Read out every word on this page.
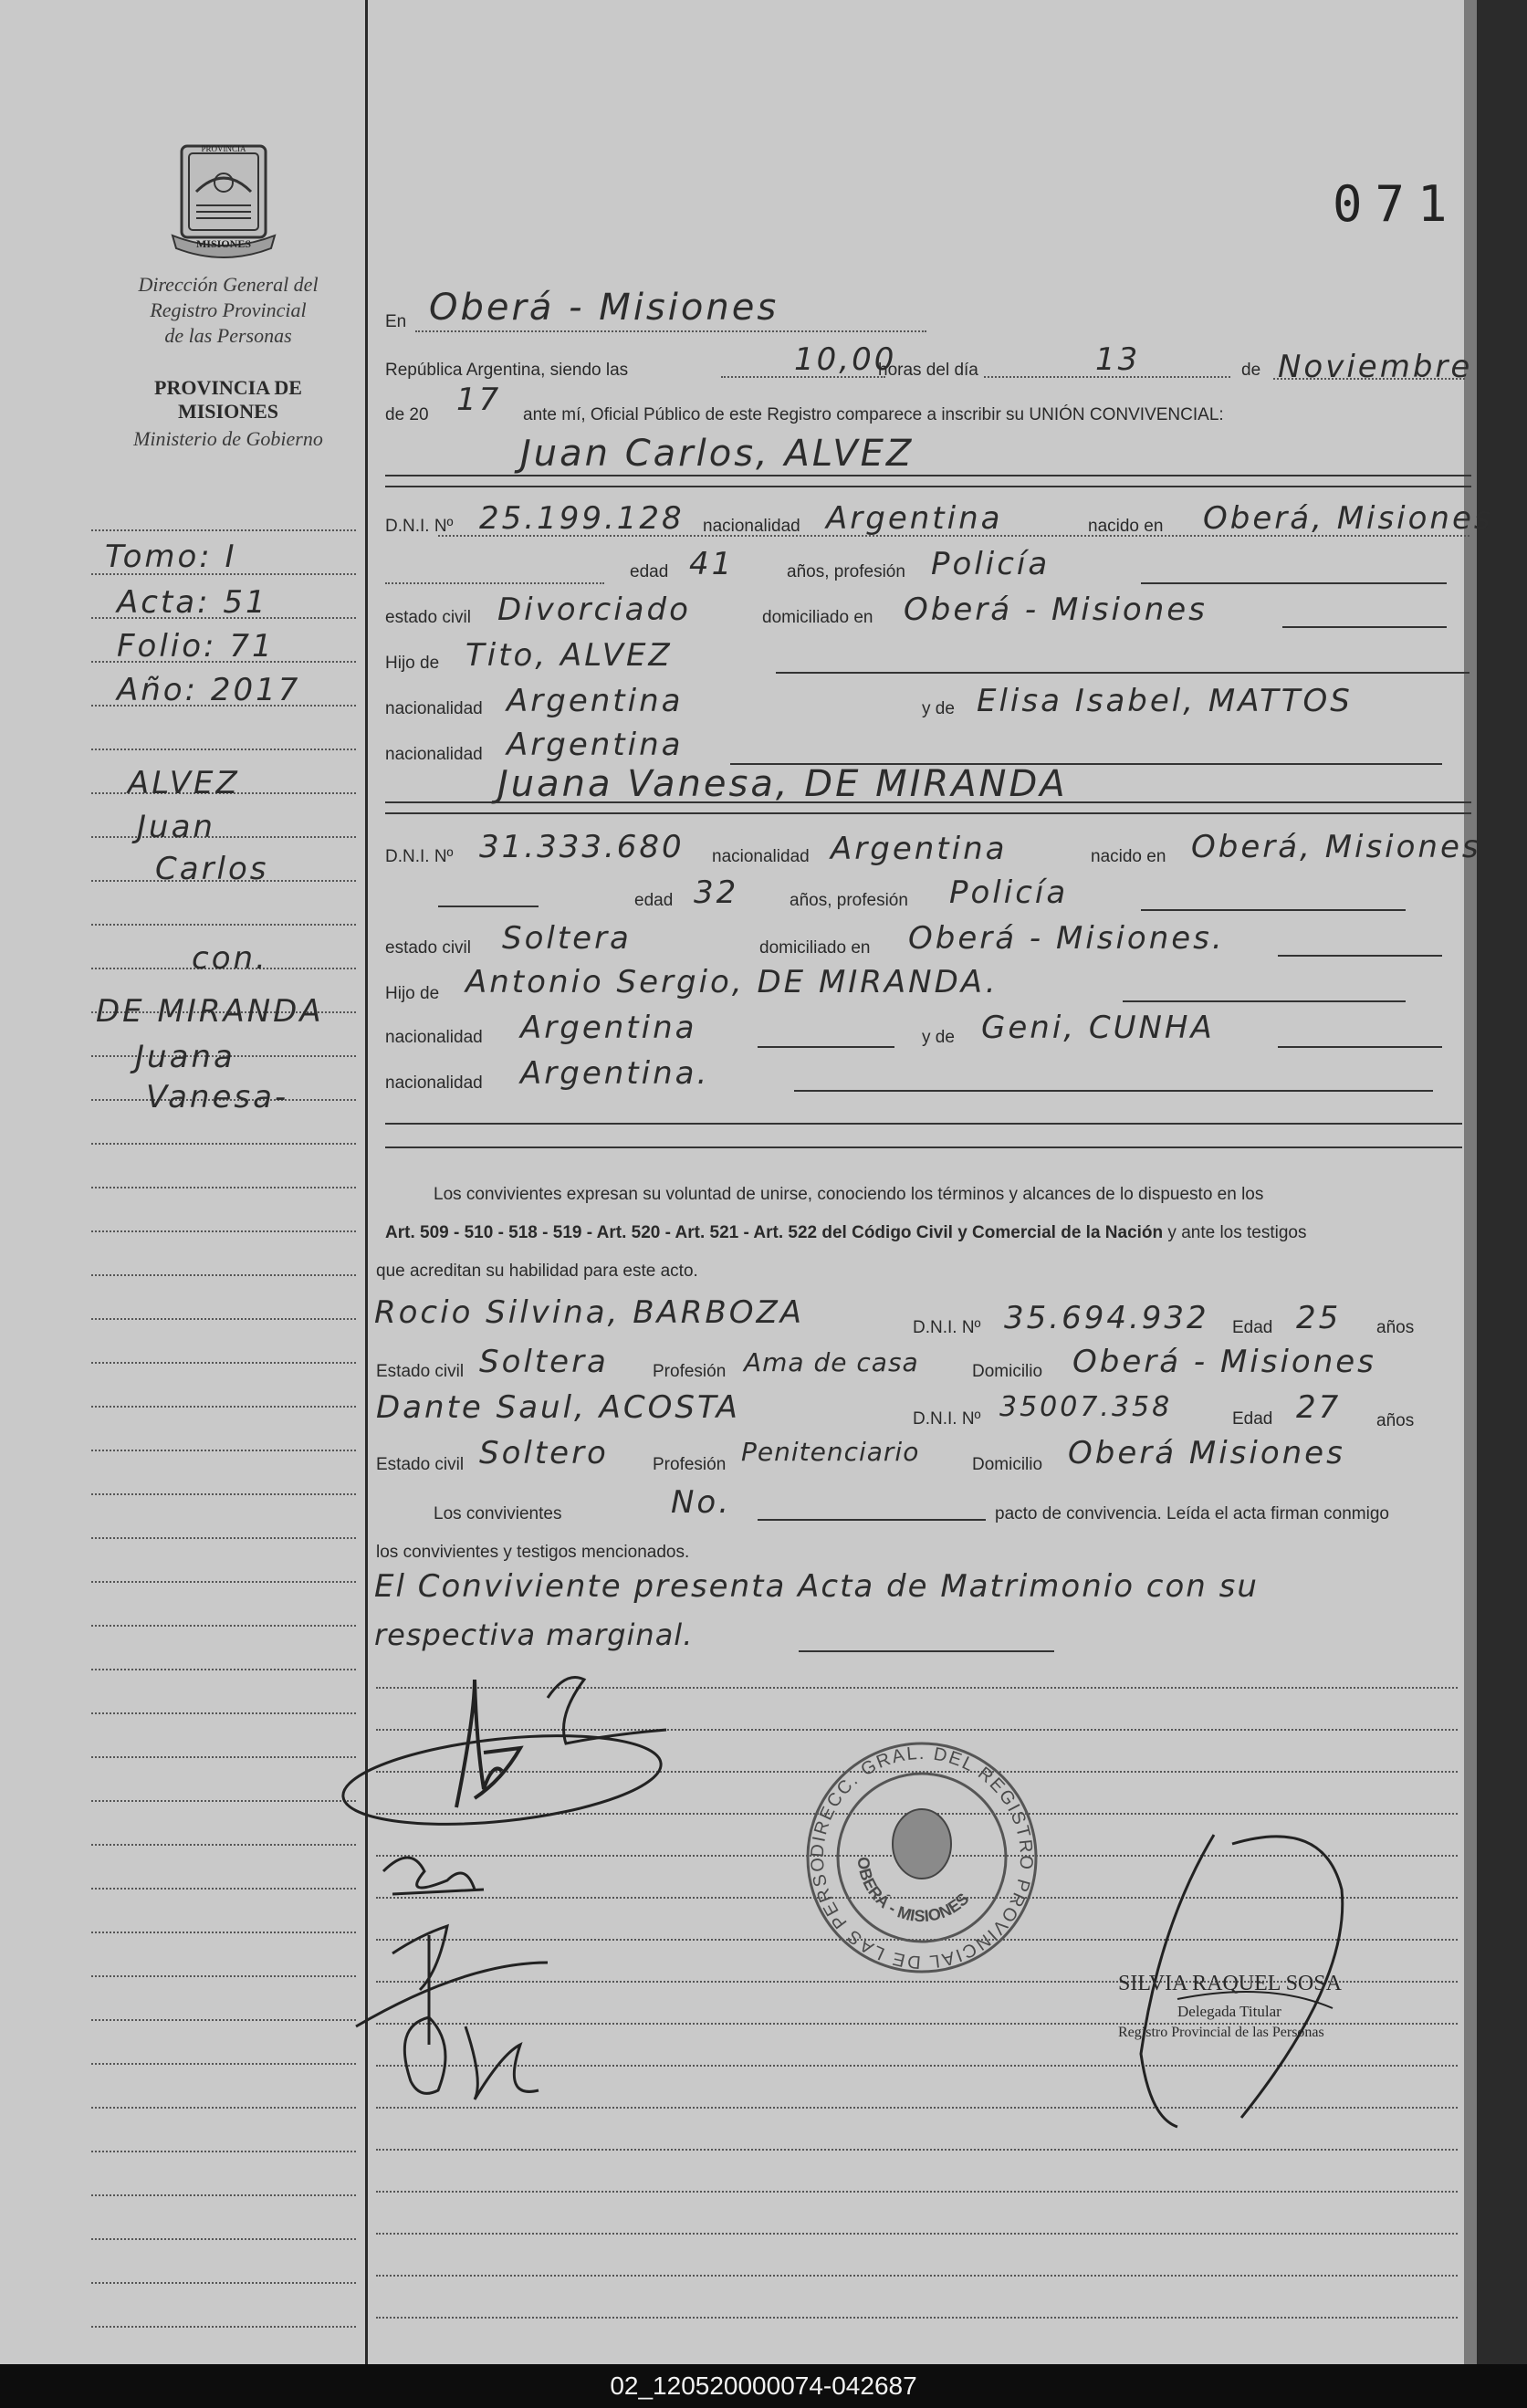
PROVINCIA
MISIONES
Dirección General del
Registro Provincial
de las Personas
PROVINCIA DE
MISIONES
Ministerio de Gobierno
071
Tomo: I
Acta: 51
Folio: 71
Año: 2017
ALVEZ
Juan
Carlos
con.
DE MIRANDA
Juana
Vanesa-
En Oberá - Misiones
República Argentina, siendo las	10,00
horas del día	13	de Noviembre
de 20 17 ante mí, Oficial Público de este Registro comparece a inscribir su UNIÓN CONVIVENCIAL:
Juan Carlos, ALVEZ
D.N.I. Nº 25.199.128 nacionalidad Argentina	nacido en Oberá, Misiones
edad 41	años, profesión Policía
estado civil Divorciado	domiciliado en Oberá - Misiones
Hijo de Tito, ALVEZ
nacionalidad Argentina	y de Elisa Isabel, MATTOS
nacionalidad Argentina
Juana Vanesa, DE MIRANDA
D.N.I. Nº 31.333.680 nacionalidad Argentina	nacido en Oberá, Misiones
edad 32	años, profesión Policía
estado civil Soltera	domiciliado en Oberá - Misiones.
Hijo de Antonio Sergio, DE MIRANDA.
nacionalidad Argentina	y de Geni, CUNHA
nacionalidad Argentina.
Los convivientes expresan su voluntad de unirse, conociendo los términos y alcances de lo dispuesto en los
Art. 509 - 510 - 518 - 519 - Art. 520 - Art. 521 - Art. 522 del Código Civil y Comercial de la Nación y ante los testigos
que acreditan su habilidad para este acto.
Rocio Silvina, BARBOZA	D.N.I. Nº 35.694.932 Edad 25 años
Estado civil Soltera	Profesión Ama de casa	Domicilio Oberá - Misiones
Dante Saul, ACOSTA	D.N.I. Nº 35007.358	Edad 27 años
Estado civil Soltero	Profesión Penitenciario	Domicilio Oberá Misiones
Los convivientes	No.	pacto de convivencia. Leída el acta firman conmigo
los convivientes y testigos mencionados.
El Conviviente presenta Acta de Matrimonio con su
respectiva marginal.
DIRECC. GRAL. DEL REGISTRO PROVINCIAL DE LAS PERSO	OBERÁ - MISIONES
SILVIA RAQUEL SOSA
Delegada Titular
Registro Provincial de las Personas
02_120520000074-042687
